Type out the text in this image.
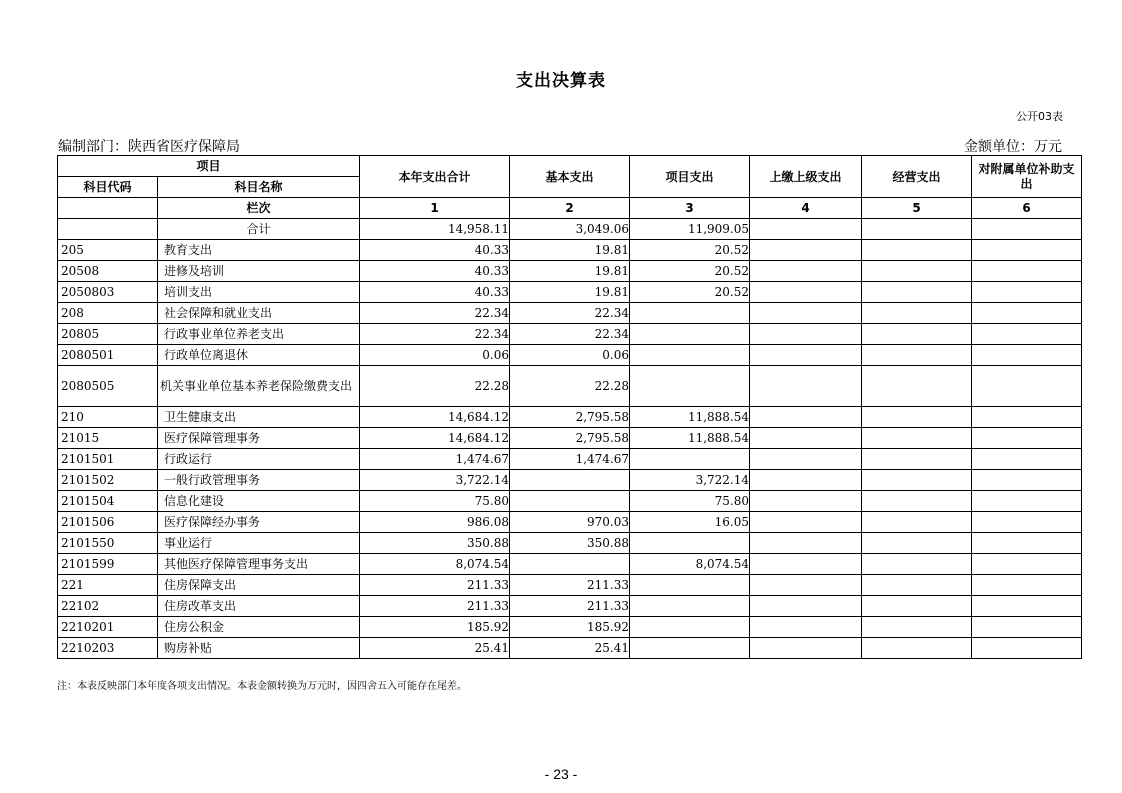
支出决算表
公开03表
编制部门：陕西省医疗保障局	金额单位：万元
项目		本年支出合计	基本支出	项目支出	上缴上级支出	经营支出	对附属单位补助支出
科目代码	科目名称						
	栏次	1	2	3	4	5	6
	合计	14,958.11	3,049.06	11,909.05			
205	教育支出	40.33	19.81	20.52			
20508	进修及培训	40.33	19.81	20.52			
2050803	培训支出	40.33	19.81	20.52			
208	社会保障和就业支出	22.34	22.34				
20805	行政事业单位养老支出	22.34	22.34				
2080501	行政单位离退休	0.06	0.06				
2080505	机关事业单位基本养老保险缴费支出	22.28	22.28				
210	卫生健康支出	14,684.12	2,795.58	11,888.54			
21015	医疗保障管理事务	14,684.12	2,795.58	11,888.54			
2101501	行政运行	1,474.67	1,474.67				
2101502	一般行政管理事务	3,722.14		3,722.14			
2101504	信息化建设	75.80		75.80			
2101506	医疗保障经办事务	986.08	970.03	16.05			
2101550	事业运行	350.88	350.88				
2101599	其他医疗保障管理事务支出	8,074.54		8,074.54			
221	住房保障支出	211.33	211.33				
22102	住房改革支出	211.33	211.33				
2210201	住房公积金	185.92	185.92				
2210203	购房补贴	25.41	25.41				
注：本表反映部门本年度各项支出情况。本表金额转换为万元时，因四舍五入可能存在尾差。
- 23 -
